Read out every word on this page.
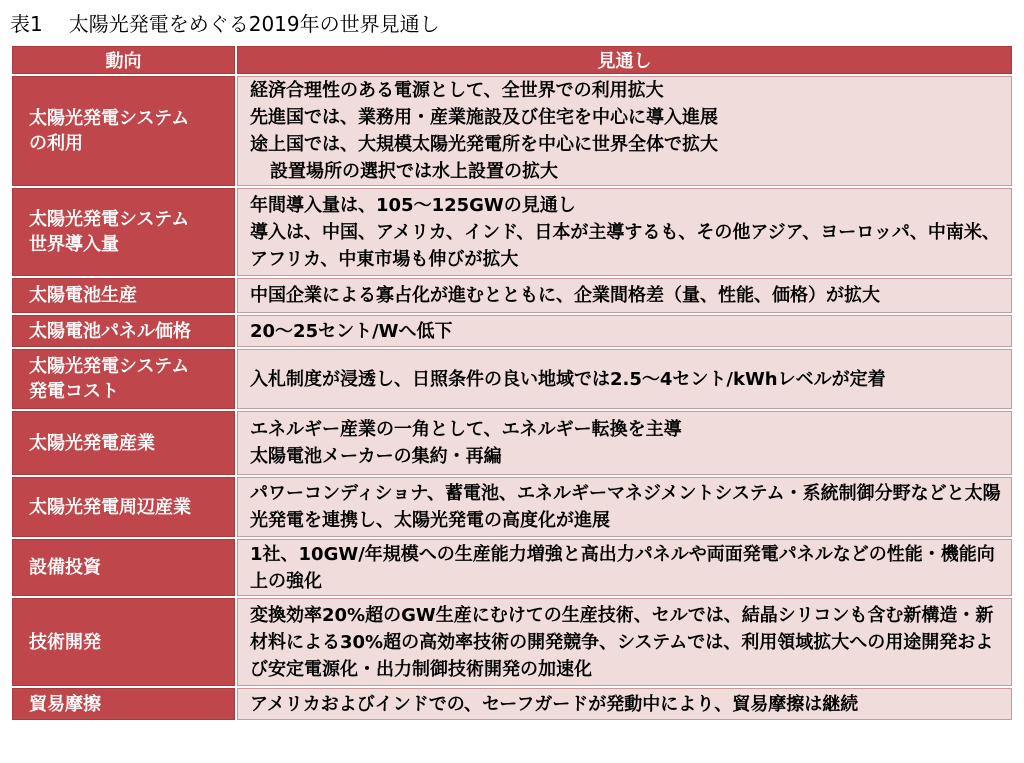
表1 太陽光発電をめぐる2019年の世界見通し
動向	見通し

太陽光発電システム
の利用	経済合理性のある電源として、全世界での利用拡大
先進国では、業務用・産業施設及び住宅を中心に導入進展
途上国では、大規模太陽光発電所を中心に世界全体で拡大
設置場所の選択では水上設置の拡大

太陽光発電システム
世界導入量	年間導入量は、105～125GWの見通し
導入は、中国、アメリカ、インド、日本が主導するも、その他アジア、ヨーロッパ、中南米、アフリカ、中東市場も伸びが拡大

太陽電池生産	中国企業による寡占化が進むとともに、企業間格差（量、性能、価格）が拡大

太陽電池パネル価格	20～25セント/Wへ低下

太陽光発電システム
発電コスト	入札制度が浸透し、日照条件の良い地域では2.5～4セント/kWhレベルが定着

太陽光発電産業	エネルギー産業の一角として、エネルギー転換を主導
太陽電池メーカーの集約・再編

太陽光発電周辺産業	パワーコンディショナ、蓄電池、エネルギーマネジメントシステム・系統制御分野などと太陽光発電を連携し、太陽光発電の高度化が進展

設備投資	1社、10GW/年規模への生産能力増強と高出力パネルや両面発電パネルなどの性能・機能向上の強化

技術開発	変換効率20%超のGW生産にむけての生産技術、セルでは、結晶シリコンも含む新構造・新材料による30%超の高効率技術の開発競争、システムでは、利用領域拡大への用途開発および安定電源化・出力制御技術開発の加速化

貿易摩擦	アメリカおよびインドでの、セーフガードが発動中により、貿易摩擦は継続
